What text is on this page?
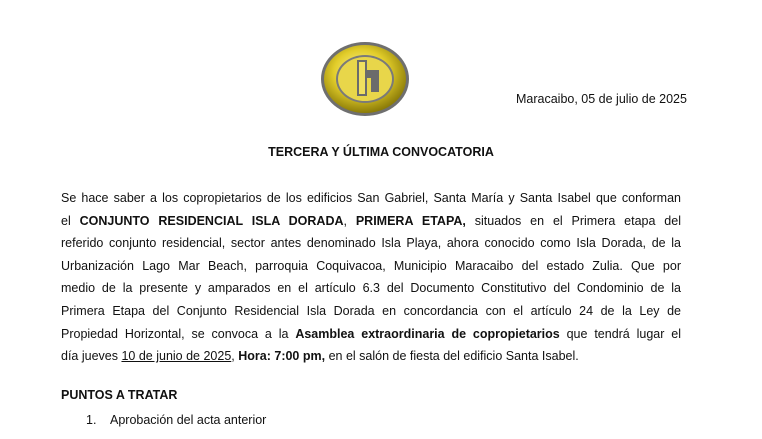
Maracaibo, 05 de julio de 2025
TERCERA Y ÚLTIMA CONVOCATORIA
Se hace saber a los copropietarios de los edificios San Gabriel, Santa María y Santa Isabel que conforman
el CONJUNTO RESIDENCIAL ISLA DORADA, PRIMERA ETAPA, situados en el Primera etapa del
referido conjunto residencial, sector antes denominado Isla Playa, ahora conocido como Isla Dorada, de la
Urbanización Lago Mar Beach, parroquia Coquivacoa, Municipio Maracaibo del estado Zulia. Que por
medio de la presente y amparados en el artículo 6.3 del Documento Constitutivo del Condominio de la
Primera Etapa del Conjunto Residencial Isla Dorada en concordancia con el artículo 24 de la Ley de
Propiedad Horizontal, se convoca a la Asamblea extraordinaria de copropietarios que tendrá lugar el
día jueves 10 de junio de 2025, Hora: 7:00 pm, en el salón de fiesta del edificio Santa Isabel.
PUNTOS A TRATAR
1. Aprobación del acta anterior
